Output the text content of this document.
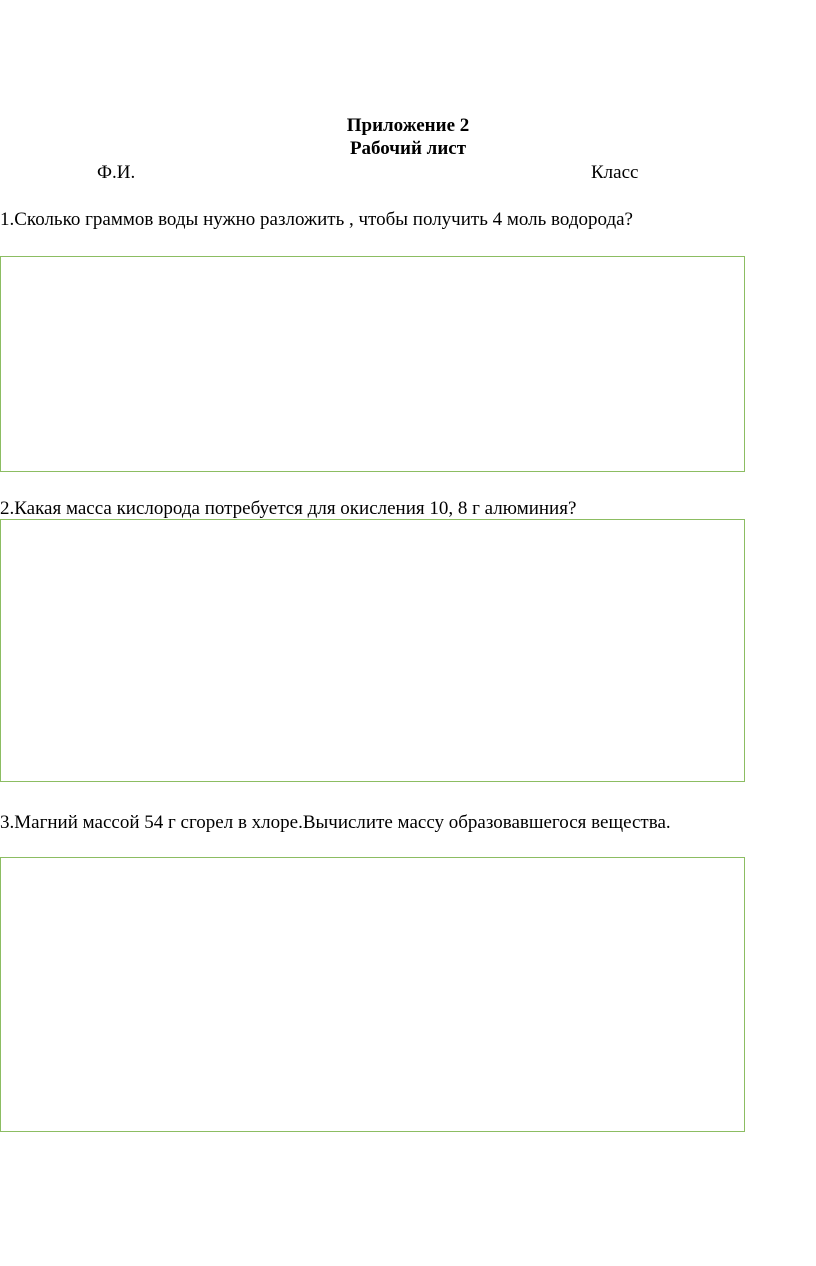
Приложение 2
Рабочий лист
Ф.И.	Класс
1.Сколько граммов воды нужно разложить , чтобы получить 4 моль водорода?
2.Какая масса кислорода потребуется для окисления 10, 8 г алюминия?
3.Магний массой 54 г сгорел в хлоре.Вычислите массу образовавшегося вещества.
